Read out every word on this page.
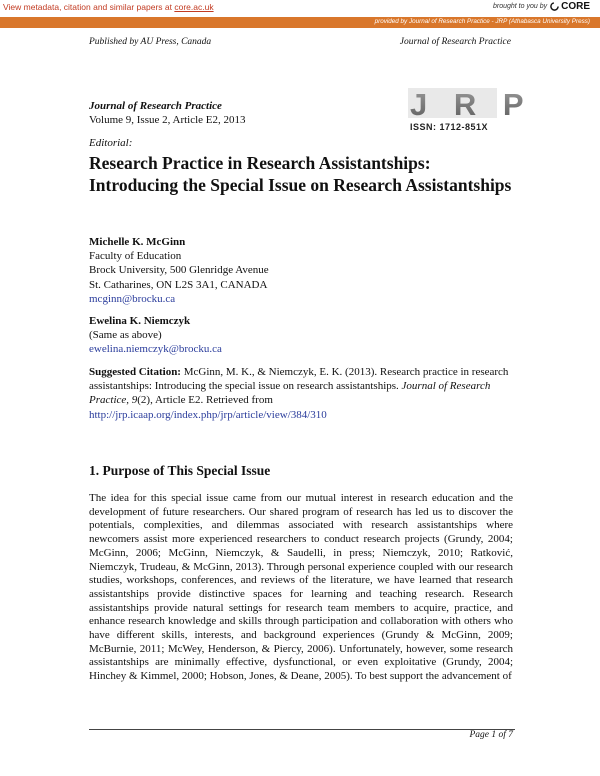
View metadata, citation and similar papers at core.ac.uk	brought to you by CORE
provided by Journal of Research Practice - JRP (Athabasca University Press)
Published by AU Press, Canada	Journal of Research Practice
Journal of Research Practice
Volume 9, Issue 2, Article E2, 2013	J R P
ISSN: 1712-851X
Editorial:
Research Practice in Research Assistantships: Introducing the Special Issue on Research Assistantships
Michelle K. McGinn
Faculty of Education
Brock University, 500 Glenridge Avenue
St. Catharines, ON L2S 3A1, CANADA
mcginn@brocku.ca
Ewelina K. Niemczyk
(Same as above)
ewelina.niemczyk@brocku.ca
Suggested Citation: McGinn, M. K., & Niemczyk, E. K. (2013). Research practice in research assistantships: Introducing the special issue on research assistantships. Journal of Research Practice, 9(2), Article E2. Retrieved from
http://jrp.icaap.org/index.php/jrp/article/view/384/310
1. Purpose of This Special Issue
The idea for this special issue came from our mutual interest in research education and the development of future researchers. Our shared program of research has led us to discover the potentials, complexities, and dilemmas associated with research assistantships where newcomers assist more experienced researchers to conduct research projects (Grundy, 2004; McGinn, 2006; McGinn, Niemczyk, & Saudelli, in press; Niemczyk, 2010; Ratković, Niemczyk, Trudeau, & McGinn, 2013). Through personal experience coupled with our research studies, workshops, conferences, and reviews of the literature, we have learned that research assistantships provide distinctive spaces for learning and teaching research. Research assistantships provide natural settings for research team members to acquire, practice, and enhance research knowledge and skills through participation and collaboration with others who have different skills, interests, and background experiences (Grundy & McGinn, 2009; McBurnie, 2011; McWey, Henderson, & Piercy, 2006). Unfortunately, however, some research assistantships are minimally effective, dysfunctional, or even exploitative (Grundy, 2004; Hinchey & Kimmel, 2000; Hobson, Jones, & Deane, 2005). To best support the advancement of
Page 1 of 7
